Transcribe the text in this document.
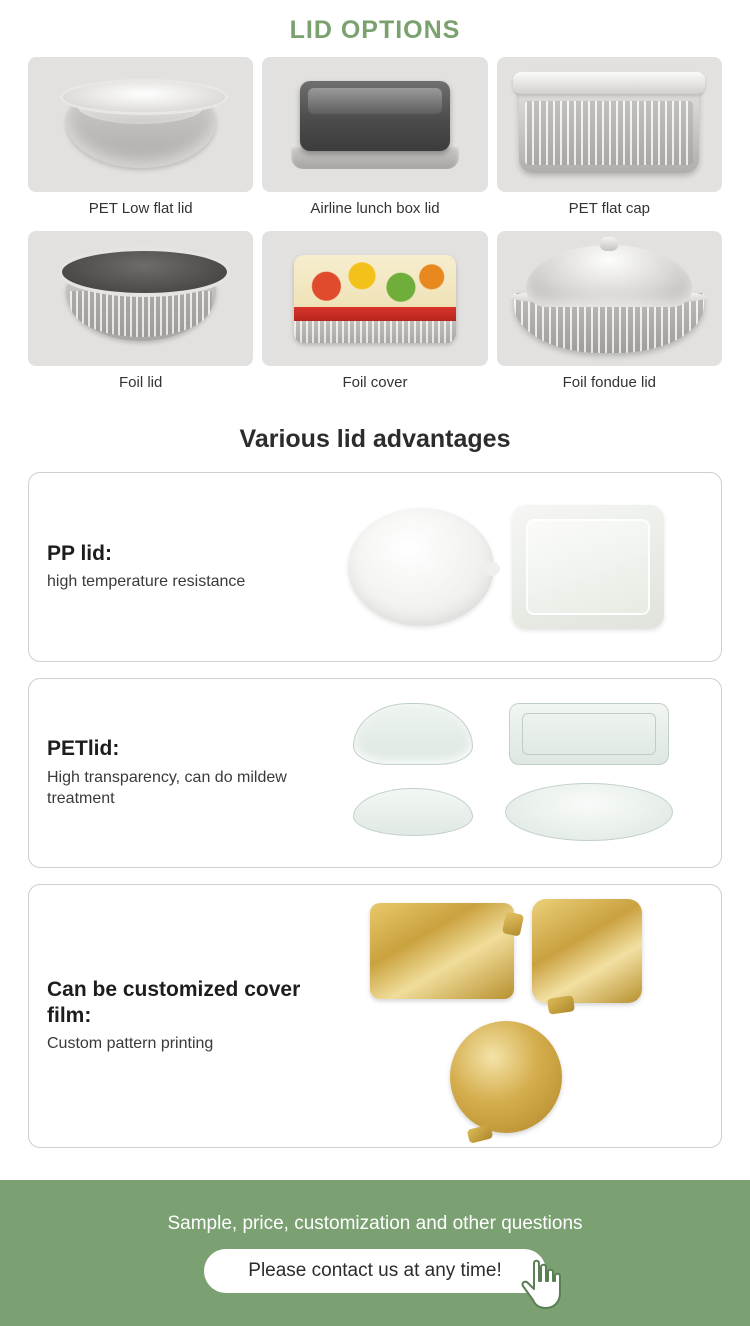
LID OPTIONS
PET Low flat lid	Airline lunch box lid	PET flat cap
Foil lid	Foil cover	Foil fondue lid
Various lid advantages
PP lid:
high temperature resistance
PETlid:
High transparency, can do mildew treatment
Can be customized cover film:
Custom pattern printing
Sample, price, customization and other questions
Please contact us at any time!
